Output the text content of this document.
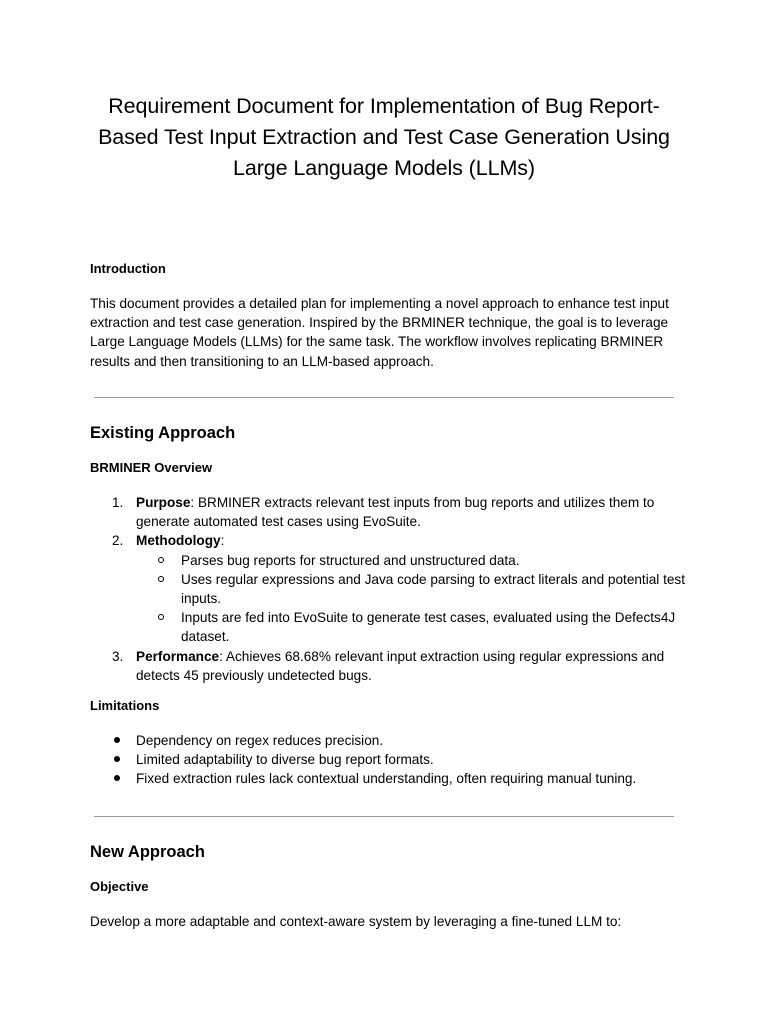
Requirement Document for Implementation of Bug Report-Based Test Input Extraction and Test Case Generation Using Large Language Models (LLMs)
Introduction

This document provides a detailed plan for implementing a novel approach to enhance test input extraction and test case generation. Inspired by the BRMINER technique, the goal is to leverage Large Language Models (LLMs) for the same task. The workflow involves replicating BRMINER results and then transitioning to an LLM-based approach.

Existing Approach
BRMINER Overview
1. Purpose: BRMINER extracts relevant test inputs from bug reports and utilizes them to generate automated test cases using EvoSuite.
2. Methodology:
Parses bug reports for structured and unstructured data.
Uses regular expressions and Java code parsing to extract literals and potential test inputs.
Inputs are fed into EvoSuite to generate test cases, evaluated using the Defects4J dataset.
3. Performance: Achieves 68.68% relevant input extraction using regular expressions and detects 45 previously undetected bugs.
Limitations
Dependency on regex reduces precision.
Limited adaptability to diverse bug report formats.
Fixed extraction rules lack contextual understanding, often requiring manual tuning.
New Approach
Objective

Develop a more adaptable and context-aware system by leveraging a fine-tuned LLM to:
